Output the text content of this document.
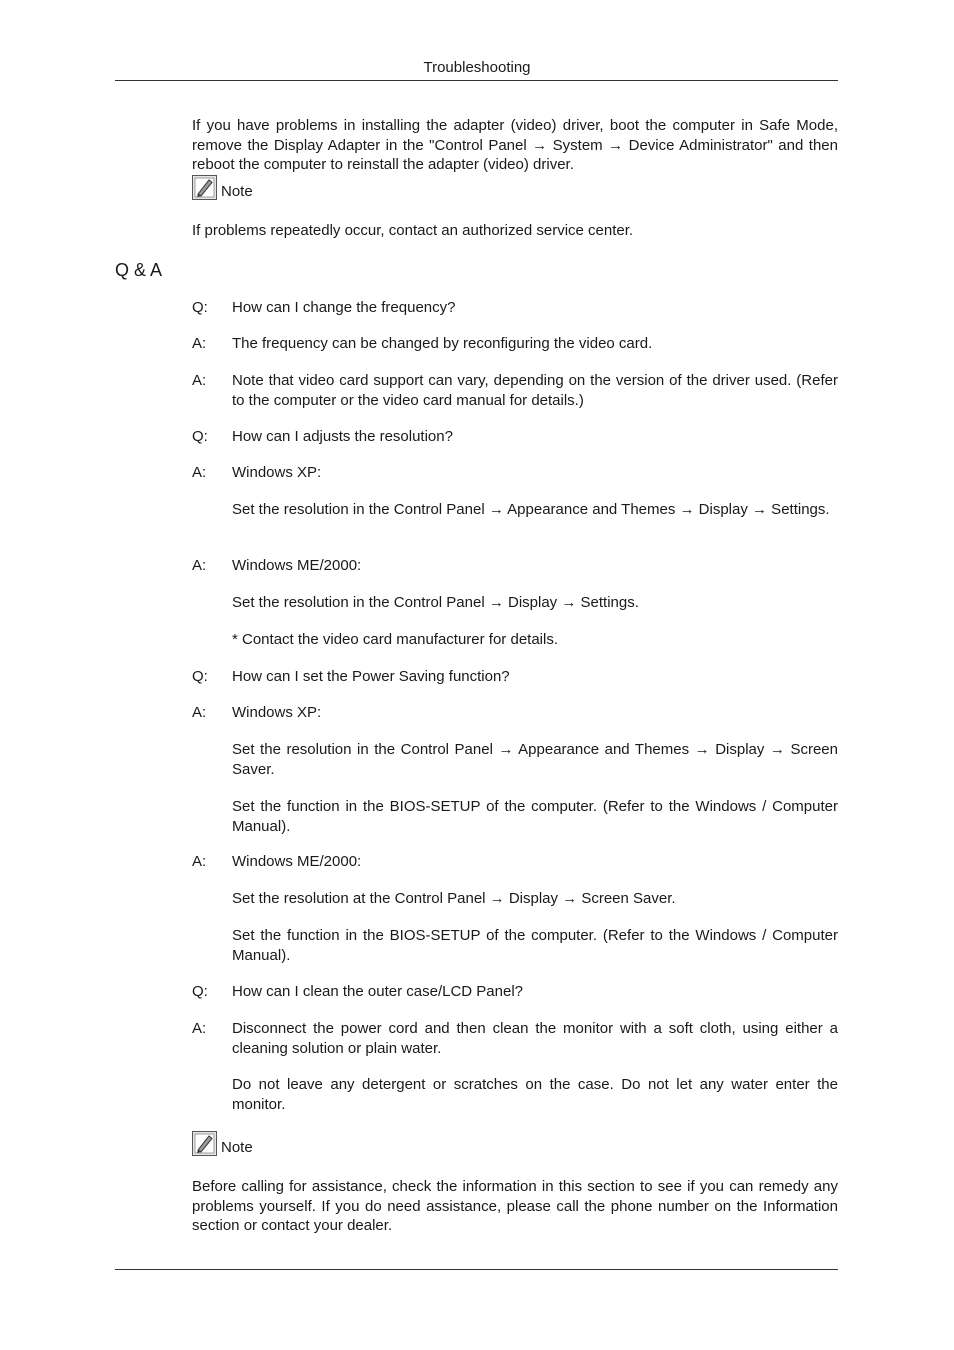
Troubleshooting
If you have problems in installing the adapter (video) driver, boot the computer in Safe Mode, remove the Display Adapter in the "Control Panel → System → Device Administrator" and then reboot the computer to reinstall the adapter (video) driver.
Note
If problems repeatedly occur, contact an authorized service center.
Q & A
Q:	How can I change the frequency?
A:	The frequency can be changed by reconfiguring the video card.
A:	Note that video card support can vary, depending on the version of the driver used. (Refer to the computer or the video card manual for details.)
Q:	How can I adjusts the resolution?
A:	Windows XP:
Set the resolution in the Control Panel → Appearance and Themes → Display → Settings.
A:	Windows ME/2000:
Set the resolution in the Control Panel → Display → Settings.
* Contact the video card manufacturer for details.
Q:	How can I set the Power Saving function?
A:	Windows XP:
Set the resolution in the Control Panel → Appearance and Themes → Display → Screen Saver.
Set the function in the BIOS-SETUP of the computer. (Refer to the Windows / Computer Manual).
A:	Windows ME/2000:
Set the resolution at the Control Panel → Display → Screen Saver.
Set the function in the BIOS-SETUP of the computer. (Refer to the Windows / Computer Manual).
Q:	How can I clean the outer case/LCD Panel?
A:	Disconnect the power cord and then clean the monitor with a soft cloth, using either a cleaning solution or plain water.
Do not leave any detergent or scratches on the case. Do not let any water enter the monitor.
Note
Before calling for assistance, check the information in this section to see if you can remedy any problems yourself. If you do need assistance, please call the phone number on the Information section or contact your dealer.
